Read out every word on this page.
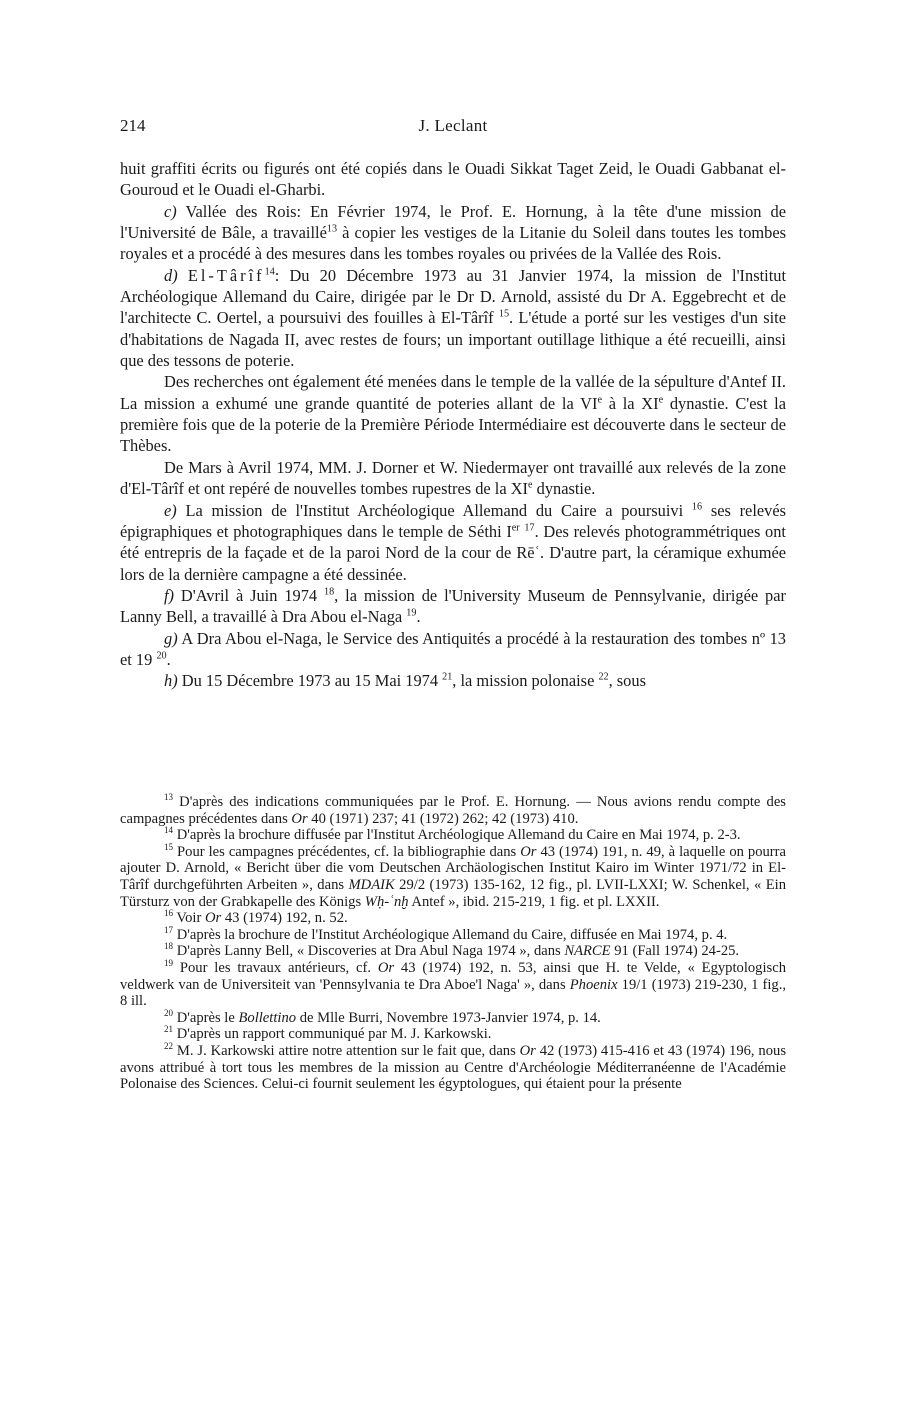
214	J. Leclant

huit graffiti écrits ou figurés ont été copiés dans le Ouadi Sikkat Taget Zeid, le Ouadi Gabbanat el-Gouroud et le Ouadi el-Gharbi.

c) Vallée des Rois: En Février 1974, le Prof. E. Hornung, à la tête d'une mission de l'Université de Bâle, a travaillé$^{13}$ à copier les vestiges de la Litanie du Soleil dans toutes les tombes royales et a procédé à des mesures dans les tombes royales ou privées de la Vallée des Rois.

d) El-Târîf$^{14}$: Du 20 Décembre 1973 au 31 Janvier 1974, la mission de l'Institut Archéologique Allemand du Caire, dirigée par le Dr D. Arnold, assisté du Dr A. Eggebrecht et de l'architecte C. Oertel, a poursuivi des fouilles à El-Târîf $^{15}$. L'étude a porté sur les vestiges d'un site d'habitations de Nagada II, avec restes de fours; un important outillage lithique a été recueilli, ainsi que des tessons de poterie.

Des recherches ont également été menées dans le temple de la vallée de la sépulture d'Antef II. La mission a exhumé une grande quantité de poteries allant de la VIe à la XIe dynastie. C'est la première fois que de la poterie de la Première Période Intermédiaire est découverte dans le secteur de Thèbes.

De Mars à Avril 1974, MM. J. Dorner et W. Niedermayer ont travaillé aux relevés de la zone d'El-Târîf et ont repéré de nouvelles tombes rupestres de la XIe dynastie.

e) La mission de l'Institut Archéologique Allemand du Caire a poursuivi $^{16}$ ses relevés épigraphiques et photographiques dans le temple de Séthi Ier $^{17}$. Des relevés photogrammétriques ont été entrepris de la façade et de la paroi Nord de la cour de Rēʿ. D'autre part, la céramique exhumée lors de la dernière campagne a été dessinée.

f) D'Avril à Juin 1974 $^{18}$, la mission de l'University Museum de Pennsylvanie, dirigée par Lanny Bell, a travaillé à Dra Abou el-Naga $^{19}$.

g) A Dra Abou el-Naga, le Service des Antiquités a procédé à la restauration des tombes nº 13 et 19 $^{20}$.

h) Du 15 Décembre 1973 au 15 Mai 1974 $^{21}$, la mission polonaise $^{22}$, sous

$^{13}$ D'après des indications communiquées par le Prof. E. Hornung. — Nous avions rendu compte des campagnes précédentes dans Or 40 (1971) 237; 41 (1972) 262; 42 (1973) 410.

$^{14}$ D'après la brochure diffusée par l'Institut Archéologique Allemand du Caire en Mai 1974, p. 2-3.

$^{15}$ Pour les campagnes précédentes, cf. la bibliographie dans Or 43 (1974) 191, n. 49, à laquelle on pourra ajouter D. Arnold, « Bericht über die vom Deutschen Archäologischen Institut Kairo im Winter 1971/72 in El-Târîf durchgeführten Arbeiten », dans MDAIK 29/2 (1973) 135-162, 12 fig., pl. LVII-LXXI; W. Schenkel, « Ein Türsturz von der Grabkapelle des Königs Wḥ-ʿnḫ Antef », ibid. 215-219, 1 fig. et pl. LXXII.

$^{16}$ Voir Or 43 (1974) 192, n. 52.

$^{17}$ D'après la brochure de l'Institut Archéologique Allemand du Caire, diffusée en Mai 1974, p. 4.

$^{18}$ D'après Lanny Bell, « Discoveries at Dra Abul Naga 1974 », dans NARCE 91 (Fall 1974) 24-25.

$^{19}$ Pour les travaux antérieurs, cf. Or 43 (1974) 192, n. 53, ainsi que H. te Velde, « Egyptologisch veldwerk van de Universiteit van 'Pennsylvania te Dra Aboe'l Naga' », dans Phoenix 19/1 (1973) 219-230, 1 fig., 8 ill.

$^{20}$ D'après le Bollettino de Mlle Burri, Novembre 1973-Janvier 1974, p. 14.

$^{21}$ D'après un rapport communiqué par M. J. Karkowski.

$^{22}$ M. J. Karkowski attire notre attention sur le fait que, dans Or 42 (1973) 415-416 et 43 (1974) 196, nous avons attribué à tort tous les membres de la mission au Centre d'Archéologie Méditerranéenne de l'Académie Polonaise des Sciences. Celui-ci fournit seulement les égyptologues, qui étaient pour la présente
